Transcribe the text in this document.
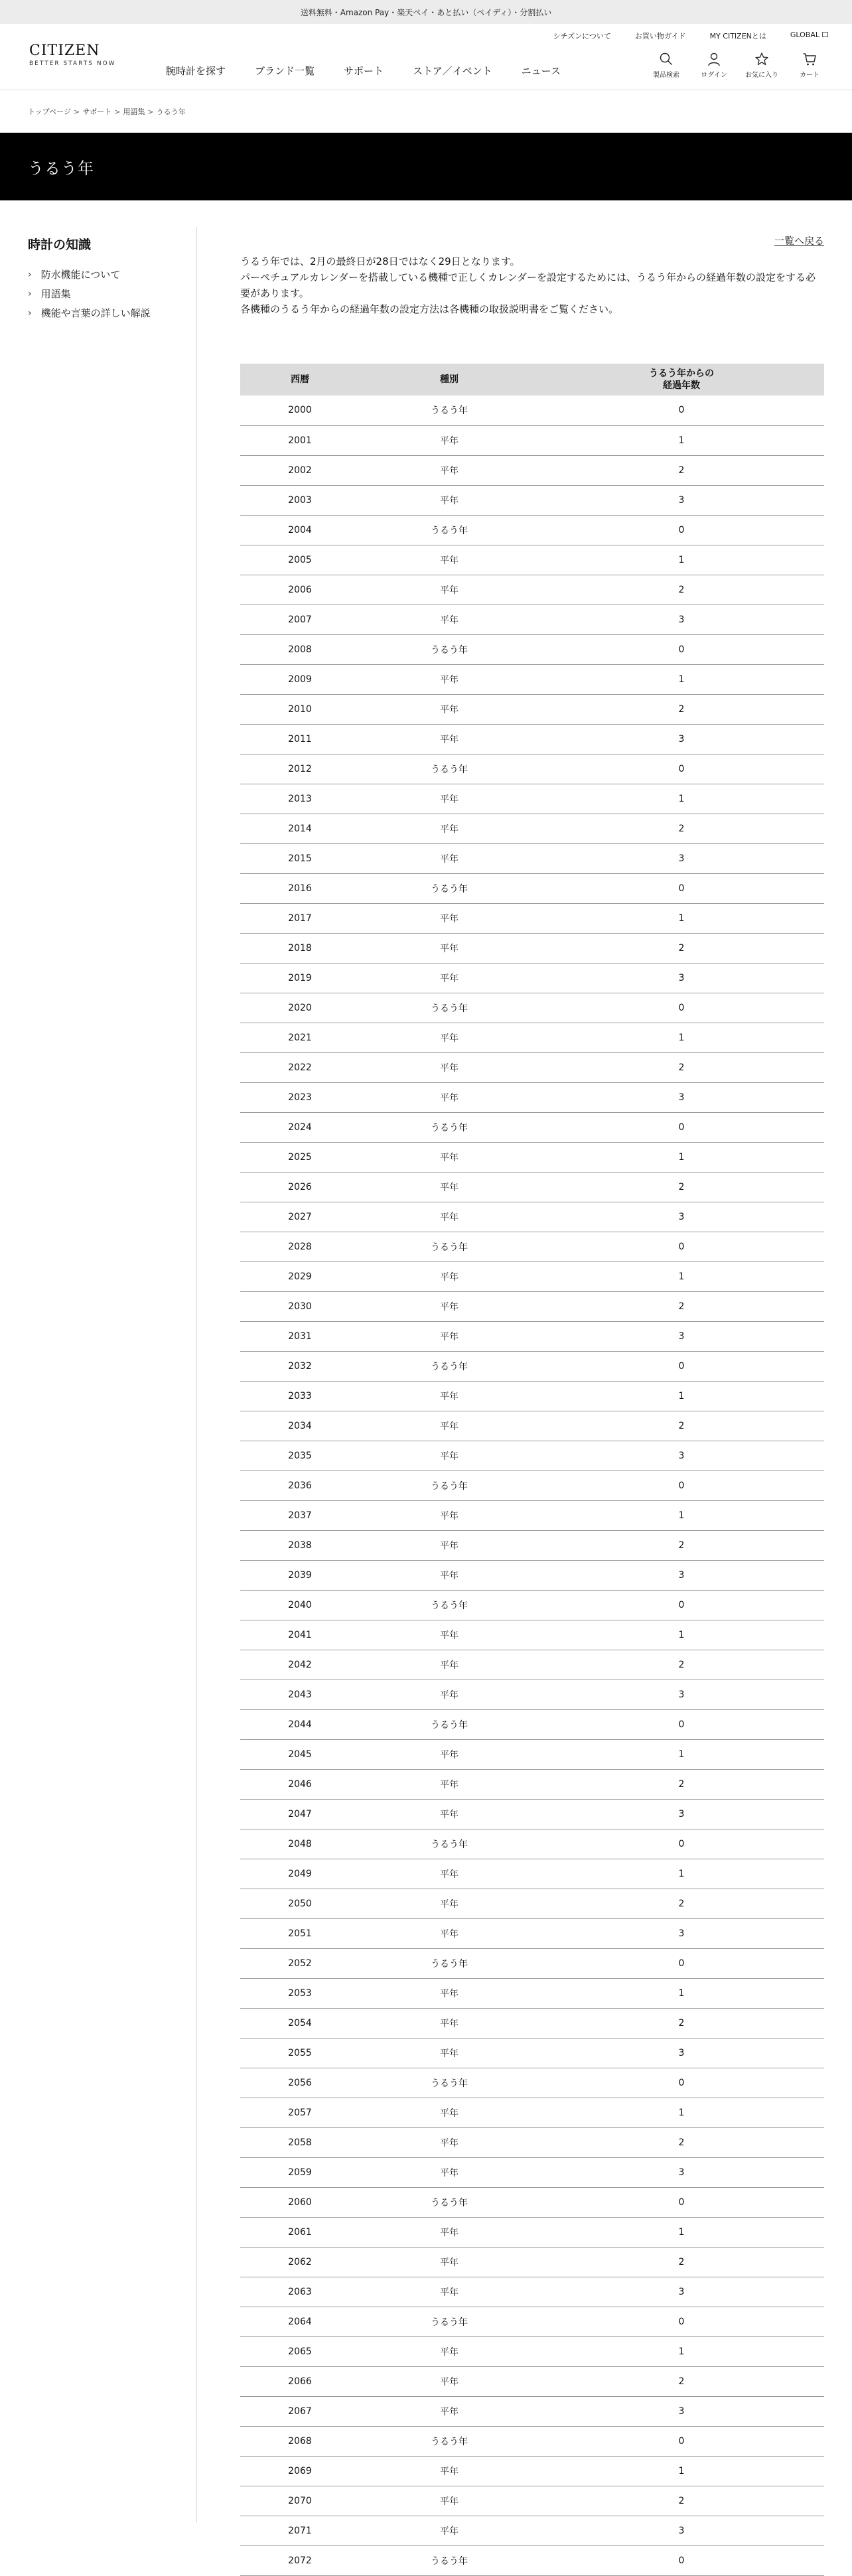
送料無料・Amazon Pay・楽天ペイ・あと払い（ペイディ）・分割払い
CITIZEN
BETTER STARTS NOW
シチズンについて	お買い物ガイド	MY CITIZENとは	GLOBAL
腕時計を探す	ブランド一覧	サポート	ストア／イベント	ニュース	製品検索	ログイン	お気に入り	カート
トップページ > サポート > 用語集 > うるう年
うるう年
時計の知識
› 防水機能について
› 用語集
› 機能や言葉の詳しい解説
一覧へ戻る

うるう年では、2月の最終日が28日ではなく29日となります。

パーペチュアルカレンダーを搭載している機種で正しくカレンダーを設定するためには、うるう年からの経過年数の設定をする必要があります。

各機種のうるう年からの経過年数の設定方法は各機種の取扱説明書をご覧ください。

西暦	種別	うるう年からの
経過年数
2000	うるう年	0
2001	平年	1
2002	平年	2
2003	平年	3
2004	うるう年	0
2005	平年	1
2006	平年	2
2007	平年	3
2008	うるう年	0
2009	平年	1
2010	平年	2
2011	平年	3
2012	うるう年	0
2013	平年	1
2014	平年	2
2015	平年	3
2016	うるう年	0
2017	平年	1
2018	平年	2
2019	平年	3
2020	うるう年	0
2021	平年	1
2022	平年	2
2023	平年	3
2024	うるう年	0
2025	平年	1
2026	平年	2
2027	平年	3
2028	うるう年	0
2029	平年	1
2030	平年	2
2031	平年	3
2032	うるう年	0
2033	平年	1
2034	平年	2
2035	平年	3
2036	うるう年	0
2037	平年	1
2038	平年	2
2039	平年	3
2040	うるう年	0
2041	平年	1
2042	平年	2
2043	平年	3
2044	うるう年	0
2045	平年	1
2046	平年	2
2047	平年	3
2048	うるう年	0
2049	平年	1
2050	平年	2
2051	平年	3
2052	うるう年	0
2053	平年	1
2054	平年	2
2055	平年	3
2056	うるう年	0
2057	平年	1
2058	平年	2
2059	平年	3
2060	うるう年	0
2061	平年	1
2062	平年	2
2063	平年	3
2064	うるう年	0
2065	平年	1
2066	平年	2
2067	平年	3
2068	うるう年	0
2069	平年	1
2070	平年	2
2071	平年	3
2072	うるう年	0
